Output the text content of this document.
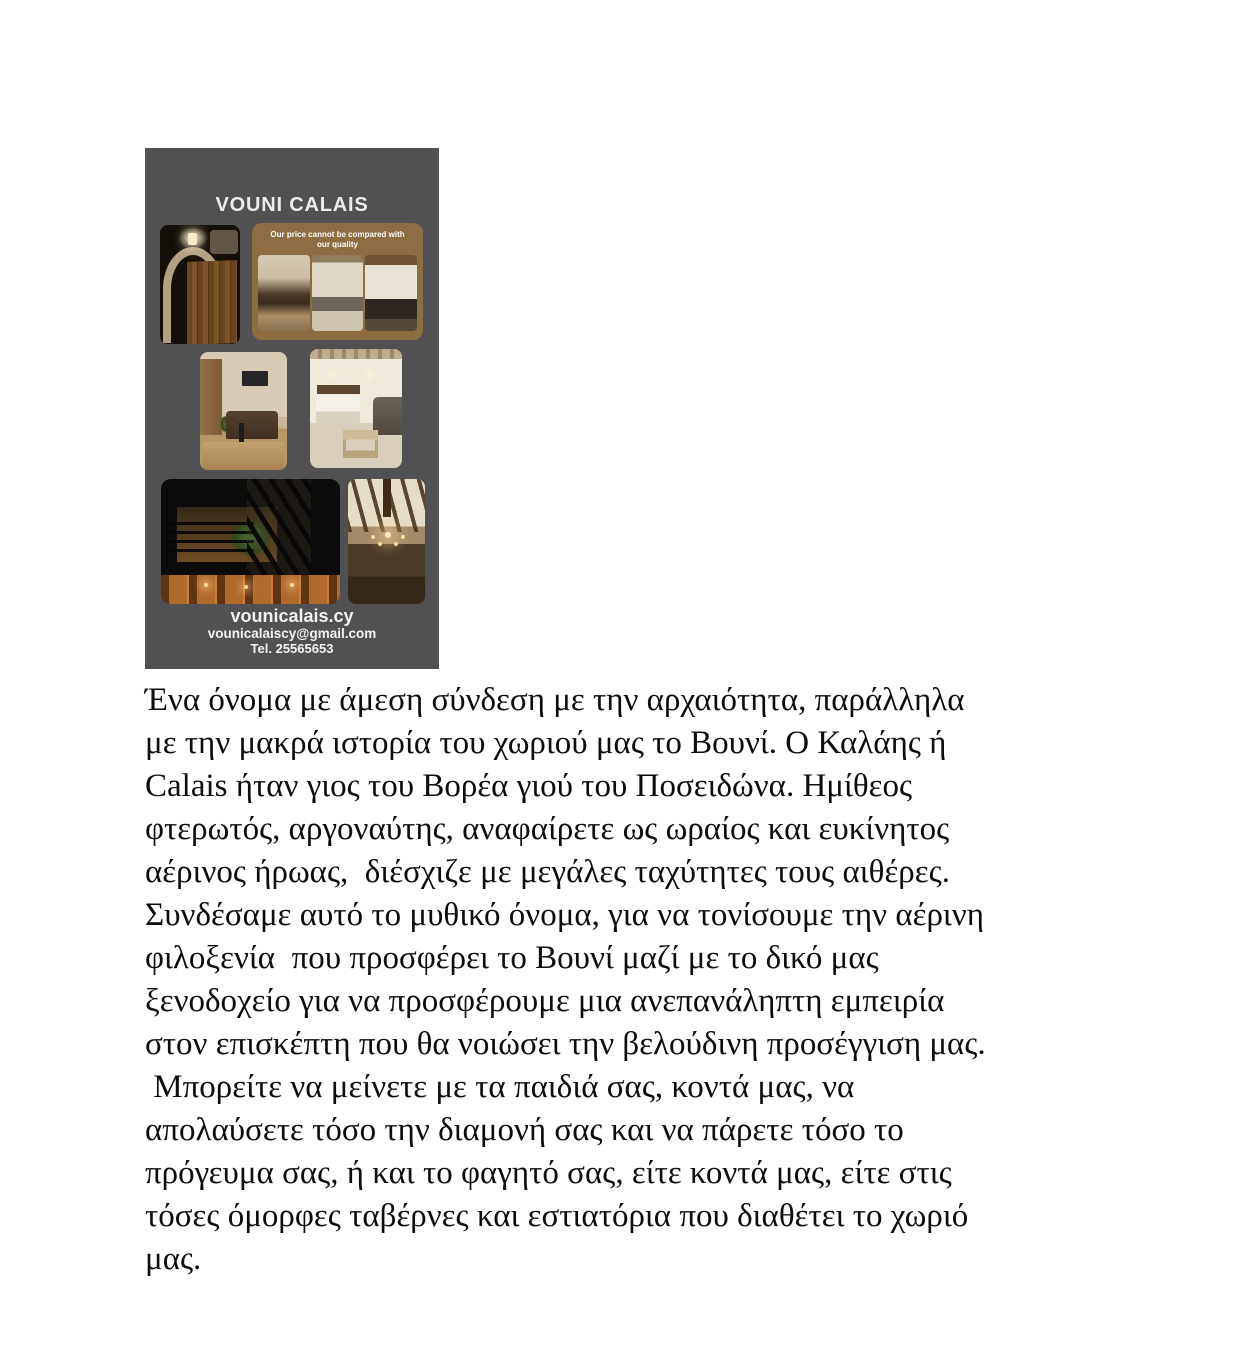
VOUNI CALAIS
Our price cannot be compared with
our quality
vounicalais.cy
vounicalaiscy@gmail.com
Tel. 25565653
Ένα όνομα με άμεση σύνδεση με την αρχαιότητα, παράλληλα
με την μακρά ιστορία του χωριού μας το Βουνί. Ο Καλάης ή
Calais ήταν γιος του Βορέα γιού του Ποσειδώνα. Ημίθεος
φτερωτός, αργοναύτης, αναφαίρετε ως ωραίος και ευκίνητος
αέρινος ήρωας,  διέσχιζε με μεγάλες ταχύτητες τους αιθέρες.
Συνδέσαμε αυτό το μυθικό όνομα, για να τονίσουμε την αέρινη
φιλοξενία  που προσφέρει το Βουνί μαζί με το δικό μας
ξενοδοχείο για να προσφέρουμε μια ανεπανάληπτη εμπειρία
στον επισκέπτη που θα νοιώσει την βελούδινη προσέγγιση μας.
Μπορείτε να μείνετε με τα παιδιά σας, κοντά μας, να
απολαύσετε τόσο την διαμονή σας και να πάρετε τόσο το
πρόγευμα σας, ή και το φαγητό σας, είτε κοντά μας, είτε στις
τόσες όμορφες ταβέρνες και εστιατόρια που διαθέτει το χωριό
μας.
